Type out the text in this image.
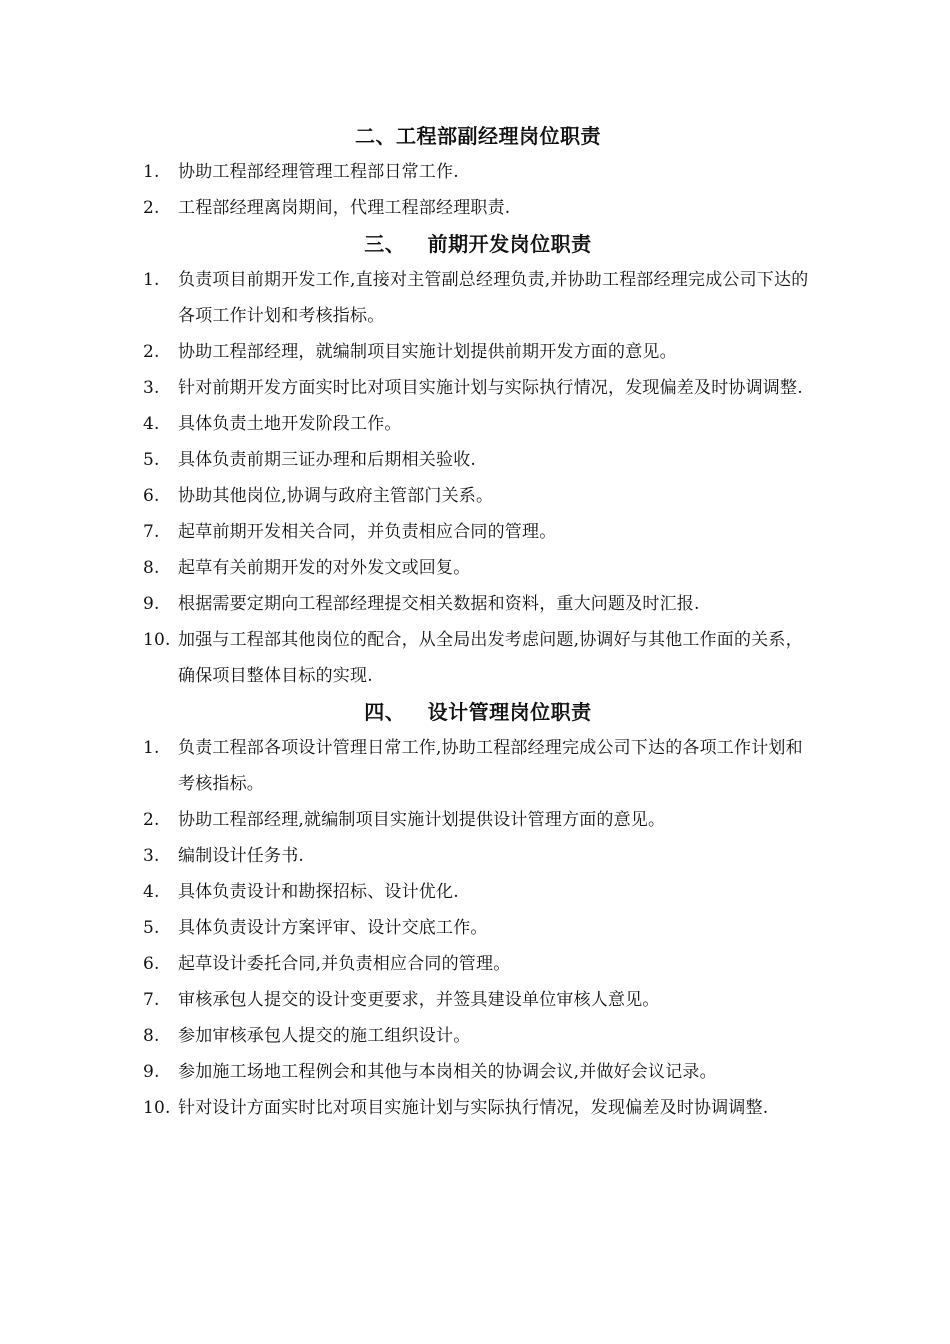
二、工程部副经理岗位职责
1. 协助工程部经理管理工程部日常工作.
2. 工程部经理离岗期间，代理工程部经理职责.
三、   前期开发岗位职责
1. 负责项目前期开发工作,直接对主管副总经理负责,并协助工程部经理完成公司下达的各项工作计划和考核指标。
2. 协助工程部经理，就编制项目实施计划提供前期开发方面的意见。
3. 针对前期开发方面实时比对项目实施计划与实际执行情况，发现偏差及时协调调整.
4. 具体负责土地开发阶段工作。
5. 具体负责前期三证办理和后期相关验收.
6. 协助其他岗位,协调与政府主管部门关系。
7. 起草前期开发相关合同，并负责相应合同的管理。
8. 起草有关前期开发的对外发文或回复。
9. 根据需要定期向工程部经理提交相关数据和资料，重大问题及时汇报.
10. 加强与工程部其他岗位的配合，从全局出发考虑问题,协调好与其他工作面的关系，确保项目整体目标的实现.
四、   设计管理岗位职责
1. 负责工程部各项设计管理日常工作,协助工程部经理完成公司下达的各项工作计划和考核指标。
2. 协助工程部经理,就编制项目实施计划提供设计管理方面的意见。
3. 编制设计任务书.
4. 具体负责设计和勘探招标、设计优化.
5. 具体负责设计方案评审、设计交底工作。
6. 起草设计委托合同,并负责相应合同的管理。
7. 审核承包人提交的设计变更要求，并签具建设单位审核人意见。
8. 参加审核承包人提交的施工组织设计。
9. 参加施工场地工程例会和其他与本岗相关的协调会议,并做好会议记录。
10. 针对设计方面实时比对项目实施计划与实际执行情况，发现偏差及时协调调整.
